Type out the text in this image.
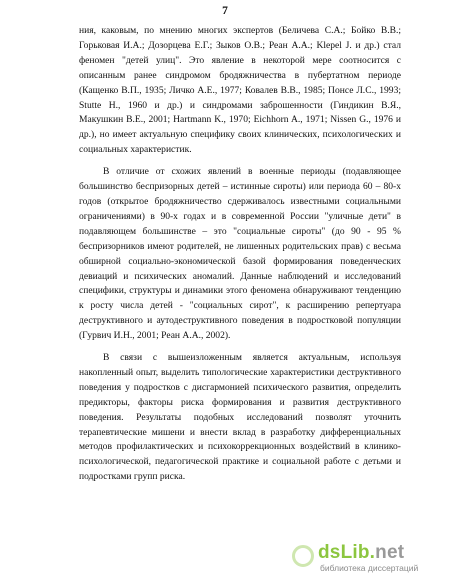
7

ния, каковым, по мнению многих экспертов (Беличева С.А.; Бойко В.В.; Горьковая И.А.; Дозорцева Е.Г.; Зыков О.В.; Реан А.А.; Klepel J. и др.) стал феномен "детей улиц". Это явление в некоторой мере соотносится с описанным ранее синдромом бродяжничества в пубертатном периоде (Кащенко В.П., 1935; Личко А.Е., 1977; Ковалев В.В., 1985; Понсе Л.С., 1993; Stutte H., 1960 и др.) и синдромами заброшенности (Гиндикин В.Я., Макушкин В.Е., 2001; Hartmann K., 1970; Eichhorn A., 1971; Nissen G., 1976 и др.), но имеет актуальную специфику своих клинических, психологических и социальных характеристик.

В отличие от схожих явлений в военные периоды (подавляющее большинство беспризорных детей – истинные сироты) или периода 60 – 80-х годов (открытое бродяжничество сдерживалось известными социальными ограничениями) в 90-х годах и в современной России "уличные дети" в подавляющем большинстве – это "социальные сироты" (до 90 - 95 % беспризорников имеют родителей, не лишенных родительских прав) с весьма обширной социально-экономической базой формирования поведенческих девиаций и психических аномалий. Данные наблюдений и исследований специфики, структуры и динамики этого феномена обнаруживают тенденцию к росту числа детей - "социальных сирот", к расширению репертуара деструктивного и аутодеструктивного поведения в подростковой популяции (Гурвич И.Н., 2001; Реан А.А., 2002).

В связи с вышеизложенным является актуальным, используя накопленный опыт, выделить типологические характеристики деструктивного поведения у подростков с дисгармонией психического развития, определить предикторы, факторы риска формирования и развития деструктивного поведения. Результаты подобных исследований позволят уточнить терапевтические мишени и внести вклад в разработку дифференциальных методов профилактических и психокоррекционных воздействий в клинико-психологической, педагогической практике и социальной работе с детьми и подростками групп риска.

dsLib.net
библиотека диссертаций
